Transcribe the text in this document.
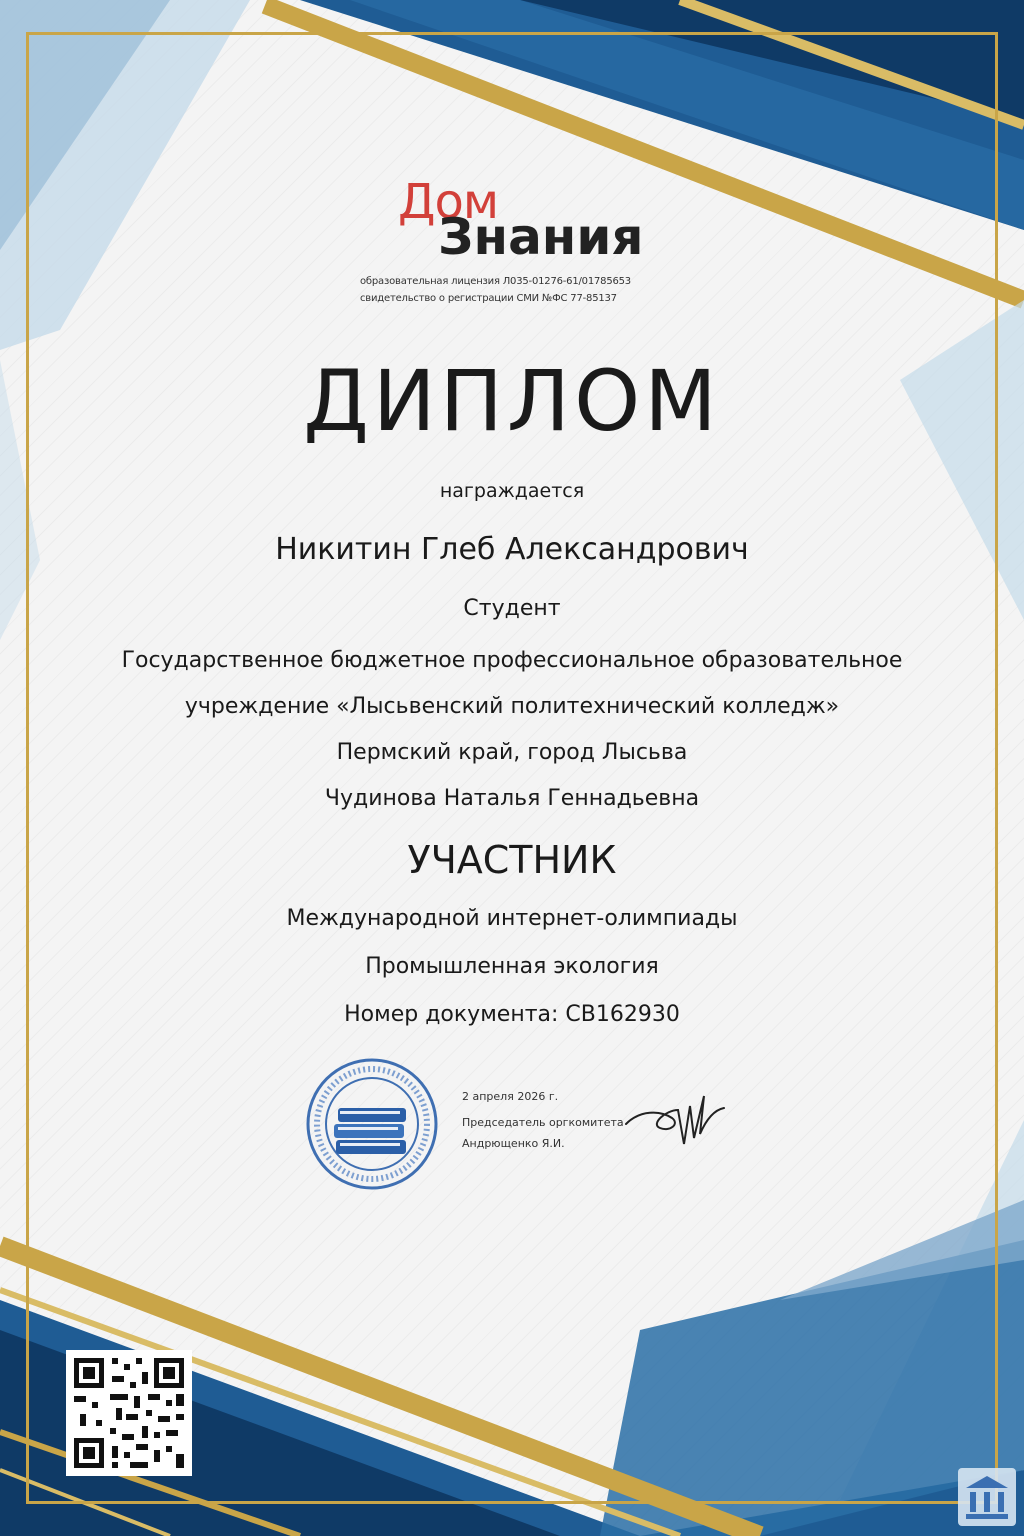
Дом
Знания
образовательная лицензия Л035-01276-61/01785653
свидетельство о регистрации СМИ №ФС 77-85137
ДИПЛОМ
награждается
Никитин Глеб Александрович
Студент
Государственное бюджетное профессиональное образовательное
учреждение «Лысьвенский политехнический колледж»
Пермский край, город Лысьва
Чудинова Наталья Геннадьевна
УЧАСТНИК
Международной интернет-олимпиады
Промышленная экология
Номер документа: СВ162930
2 апреля 2026 г.
Председатель оргкомитета
Андрющенко Я.И.
